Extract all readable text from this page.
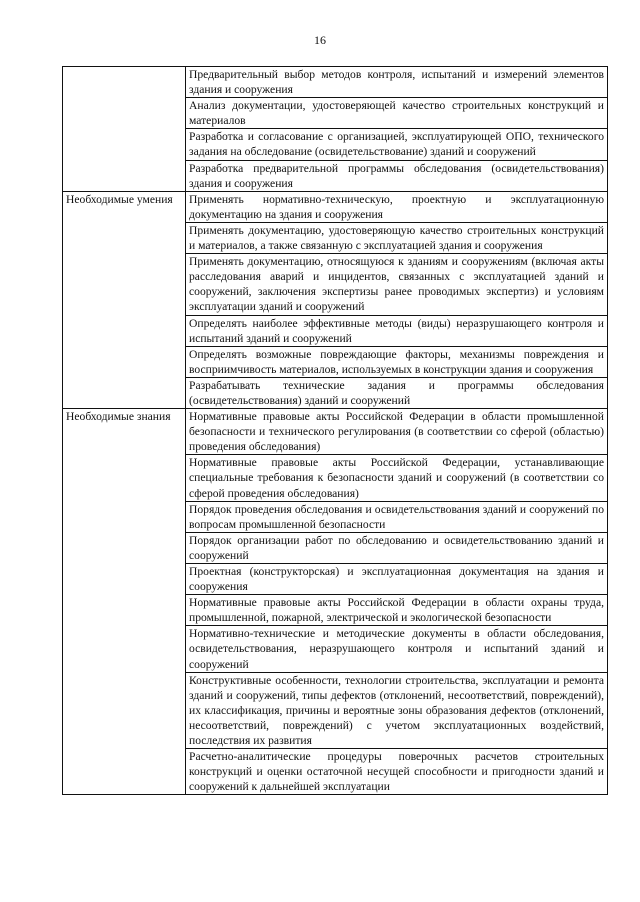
16
	Предварительный выбор методов контроля, испытаний и измерений элементов здания и сооружения
	Анализ документации, удостоверяющей качество строительных конструкций и материалов
	Разработка и согласование с организацией, эксплуатирующей ОПО, технического задания на обследование (освидетельствование) зданий и сооружений
	Разработка предварительной программы обследования (освидетельствования) здания и сооружения
Необходимые умения	Применять нормативно-техническую, проектную и эксплуатационную документацию на здания и сооружения
	Применять документацию, удостоверяющую качество строительных конструкций и материалов, а также связанную с эксплуатацией здания и сооружения
	Применять документацию, относящуюся к зданиям и сооружениям (включая акты расследования аварий и инцидентов, связанных с эксплуатацией зданий и сооружений, заключения экспертизы ранее проводимых экспертиз) и условиям эксплуатации зданий и сооружений
	Определять наиболее эффективные методы (виды) неразрушающего контроля и испытаний зданий и сооружений
	Определять возможные повреждающие факторы, механизмы повреждения и восприимчивость материалов, используемых в конструкции здания и сооружения
	Разрабатывать технические задания и программы обследования (освидетельствования) зданий и сооружений
Необходимые знания	Нормативные правовые акты Российской Федерации в области промышленной безопасности и технического регулирования (в соответствии со сферой (областью) проведения обследования)
	Нормативные правовые акты Российской Федерации, устанавливающие специальные требования к безопасности зданий и сооружений (в соответствии со сферой проведения обследования)
	Порядок проведения обследования и освидетельствования зданий и сооружений по вопросам промышленной безопасности
	Порядок организации работ по обследованию и освидетельствованию зданий и сооружений
	Проектная (конструкторская) и эксплуатационная документация на здания и сооружения
	Нормативные правовые акты Российской Федерации в области охраны труда, промышленной, пожарной, электрической и экологической безопасности
	Нормативно-технические и методические документы в области обследования, освидетельствования, неразрушающего контроля и испытаний зданий и сооружений
	Конструктивные особенности, технологии строительства, эксплуатации и ремонта зданий и сооружений, типы дефектов (отклонений, несоответствий, повреждений), их классификация, причины и вероятные зоны образования дефектов (отклонений, несоответствий, повреждений) с учетом эксплуатационных воздействий, последствия их развития
	Расчетно-аналитические процедуры поверочных расчетов строительных конструкций и оценки остаточной несущей способности и пригодности зданий и сооружений к дальнейшей эксплуатации
